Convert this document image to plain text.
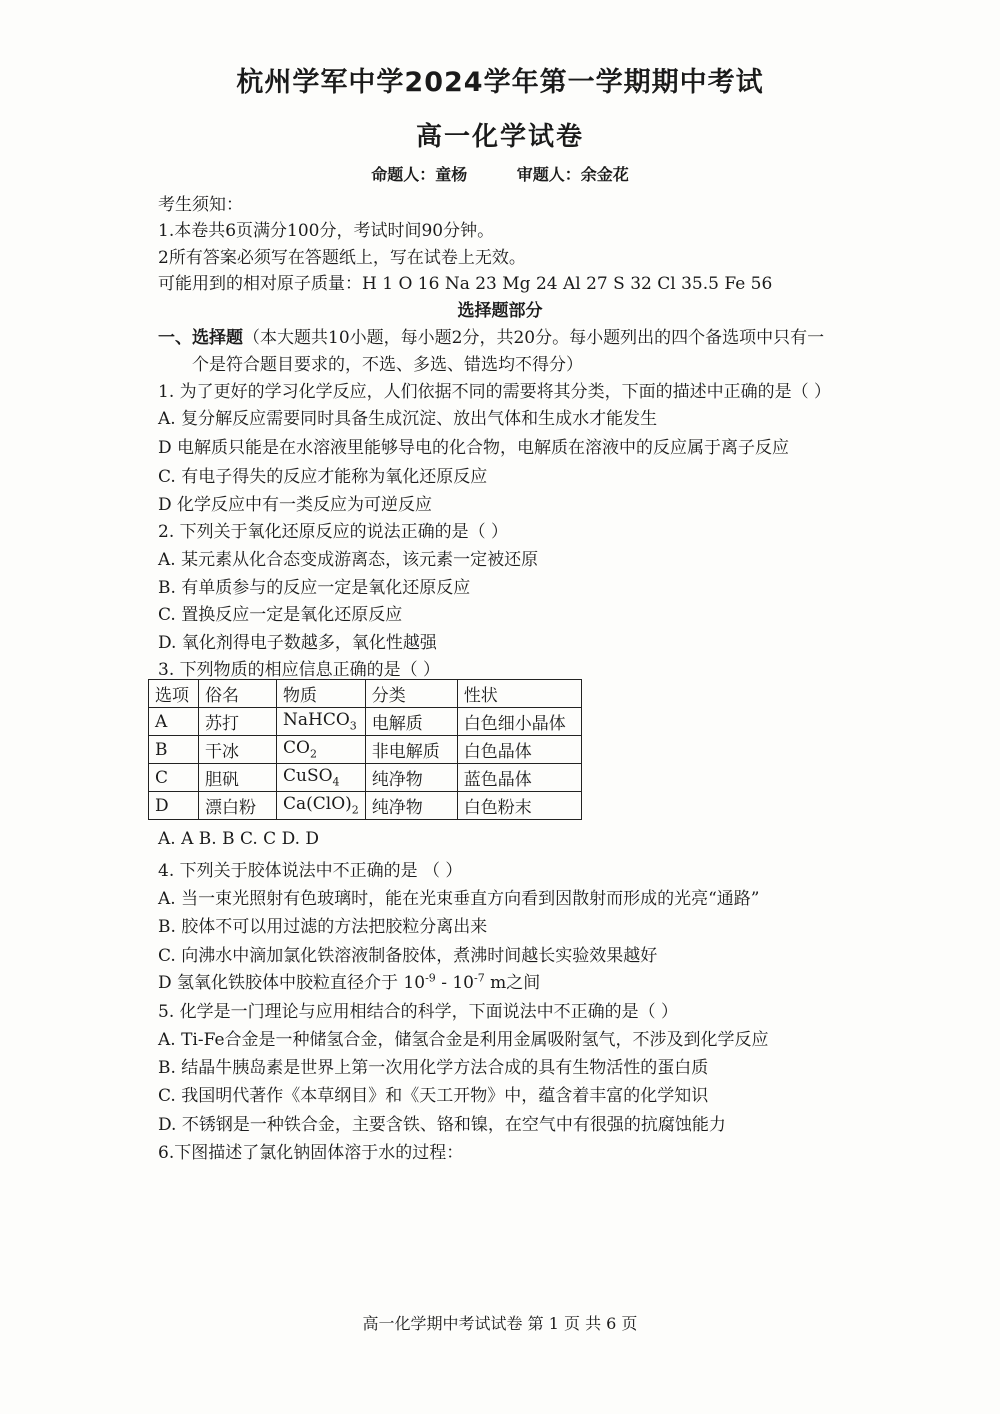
杭州学军中学2024学年第一学期期中考试
高一化学试卷
命题人：童杨	审题人：余金花
考生须知：
1.本卷共6页满分100分，考试时间90分钟。
2所有答案必须写在答题纸上，写在试卷上无效。
可能用到的相对原子质量：H 1 O 16 Na 23 Mg 24 Al 27 S 32 Cl 35.5 Fe 56
选择题部分
一、选择题（本大题共10小题，每小题2分，共20分。每小题列出的四个备选项中只有一
个是符合题目要求的，不选、多选、错选均不得分）
1. 为了更好的学习化学反应，人们依据不同的需要将其分类，下面的描述中正确的是（ ）
A. 复分解反应需要同时具备生成沉淀、放出气体和生成水才能发生
D 电解质只能是在水溶液里能够导电的化合物，电解质在溶液中的反应属于离子反应
C. 有电子得失的反应才能称为氧化还原反应
D 化学反应中有一类反应为可逆反应
2. 下列关于氧化还原反应的说法正确的是（ ）
A. 某元素从化合态变成游离态，该元素一定被还原
B. 有单质参与的反应一定是氧化还原反应
C. 置换反应一定是氧化还原反应
D. 氧化剂得电子数越多，氧化性越强
3. 下列物质的相应信息正确的是（ ）
选项	俗名	物质	分类	性状
A	苏打	NaHCO$_3$	电解质	白色细小晶体
B	干冰	$CO_2$	非电解质	白色晶体
C	胆矾	CuSO$_4$	纯净物	蓝色晶体
D	漂白粉	$Ca(ClO)_2$	纯净物	白色粉末
A. A B. B C. C D. D
4. 下列关于胶体说法中不正确的是 （ ）
A. 当一束光照射有色玻璃时，能在光束垂直方向看到因散射而形成的光亮“通路”
B. 胶体不可以用过滤的方法把胶粒分离出来
C. 向沸水中滴加氯化铁溶液制备胶体，煮沸时间越长实验效果越好
D 氢氧化铁胶体中胶粒直径介于 $10^{-9} - 10^{-7}$ m之间
5. 化学是一门理论与应用相结合的科学，下面说法中不正确的是（ ）
A. Ti-Fe合金是一种储氢合金，储氢合金是利用金属吸附氢气，不涉及到化学反应
B. 结晶牛胰岛素是世界上第一次用化学方法合成的具有生物活性的蛋白质
C. 我国明代著作《本草纲目》和《天工开物》中，蕴含着丰富的化学知识
D. 不锈钢是一种铁合金，主要含铁、铬和镍，在空气中有很强的抗腐蚀能力
6.下图描述了氯化钠固体溶于水的过程：
高一化学期中考试试卷 第 1 页 共 6 页
